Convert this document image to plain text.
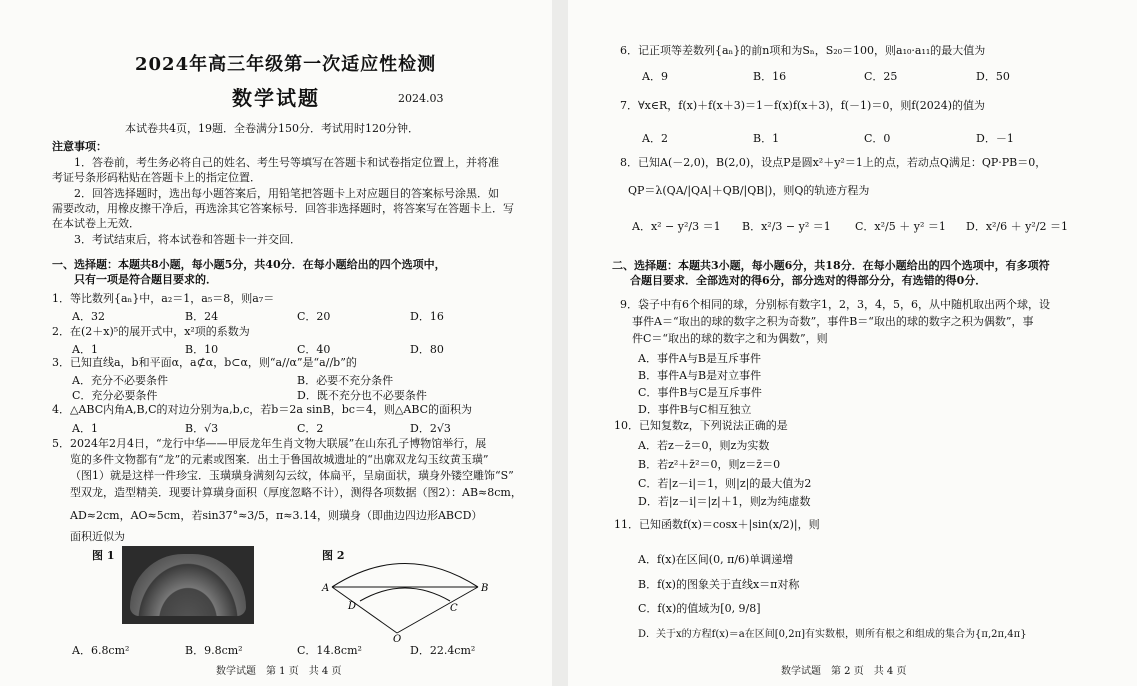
2024年高三年级第一次适应性检测
数学试题	2024.03
本试卷共4页，19题．全卷满分150分．考试用时120分钟．
注意事项：
1．答卷前，考生务必将自己的姓名、考生号等填写在答题卡和试卷指定位置上，并将准
考证号条形码粘贴在答题卡上的指定位置．
2．回答选择题时，选出每小题答案后，用铅笔把答题卡上对应题目的答案标号涂黑．如
需要改动，用橡皮擦干净后，再选涂其它答案标号．回答非选择题时，将答案写在答题卡上．写
在本试卷上无效．
3．考试结束后，将本试卷和答题卡一并交回．
一、选择题：本题共8小题，每小题5分，共40分．在每小题给出的四个选项中，
只有一项是符合题目要求的．
1．等比数列{aₙ}中，a₂＝1，a₅＝8，则a₇＝
A．32	B．24	C．20	D．16
2．在(2＋x)⁵的展开式中，x²项的系数为
A．1	B．10	C．40	D．80
3．已知直线a，b和平面α，a⊄α，b⊂α，则“a//α”是“a//b”的
A．充分不必要条件	B．必要不充分条件
C．充分必要条件	D．既不充分也不必要条件
4．△ABC内角A,B,C的对边分别为a,b,c，若b＝2a sinB，bc＝4，则△ABC的面积为
A．1	B．√3	C．2	D．2√3
5．2024年2月4日，“龙行中华——甲辰龙年生肖文物大联展”在山东孔子博物馆举行，展
览的多件文物都有“龙”的元素或图案．出土于鲁国故城遗址的“出廓双龙勾玉纹黄玉璜”
（图1）就是这样一件珍宝．玉璜璜身满刻勾云纹，体扁平，呈扇面状，璜身外镂空雕饰“S”
型双龙，造型精美．现要计算璜身面积（厚度忽略不计），测得各项数据（图2）：AB≈8cm，
AD≈2cm，AO≈5cm，若sin37°≈3/5，π≈3.14，则璜身（即曲边四边形ABCD）
面积近似为
图 1	图 2
A	B
D	C
O
A．6.8cm²	B．9.8cm²	C．14.8cm²	D．22.4cm²
数学试题　第 1 页　共 4 页
6．记正项等差数列{aₙ}的前n项和为Sₙ，S₂₀＝100，则a₁₀·a₁₁的最大值为
A．9	B．16	C．25	D．50
7．∀x∈R，f(x)＋f(x＋3)＝1－f(x)f(x＋3)，f(－1)＝0，则f(2024)的值为
A．2	B．1	C．0	D．－1
8．已知A(－2,0)，B(2,0)，设点P是圆x²＋y²＝1上的点，若动点Q满足：QP·PB＝0，
QP＝λ(QA/|QA|＋QB/|QB|)，则Q的轨迹方程为
A．x² − y²/3 ＝1 B．x²/3 − y² ＝1 C．x²/5 ＋ y² ＝1 D．x²/6 ＋ y²/2 ＝1
二、选择题：本题共3小题，每小题6分，共18分．在每小题给出的四个选项中，有多项符
合题目要求．全部选对的得6分，部分选对的得部分分，有选错的得0分．
9．袋子中有6个相同的球，分别标有数字1，2，3，4，5，6，从中随机取出两个球，设
事件A＝“取出的球的数字之积为奇数”，事件B＝“取出的球的数字之积为偶数”，事
件C＝“取出的球的数字之和为偶数”，则
A．事件A与B是互斥事件
B．事件A与B是对立事件
C．事件B与C是互斥事件
D．事件B与C相互独立
10．已知复数z，下列说法正确的是
A．若z－z̄＝0，则z为实数
B．若z²＋z̄²＝0，则z＝z̄＝0
C．若|z－i|＝1，则|z|的最大值为2
D．若|z－i|＝|z|＋1，则z为纯虚数
11．已知函数f(x)＝cosx＋|sin(x/2)|，则
A．f(x)在区间(0, π/6)单调递增
B．f(x)的图象关于直线x＝π对称
C．f(x)的值域为[0, 9/8]
D．关于x的方程f(x)＝a在区间[0,2π]有实数根，则所有根之和组成的集合为{π,2π,4π}
数学试题　第 2 页　共 4 页
